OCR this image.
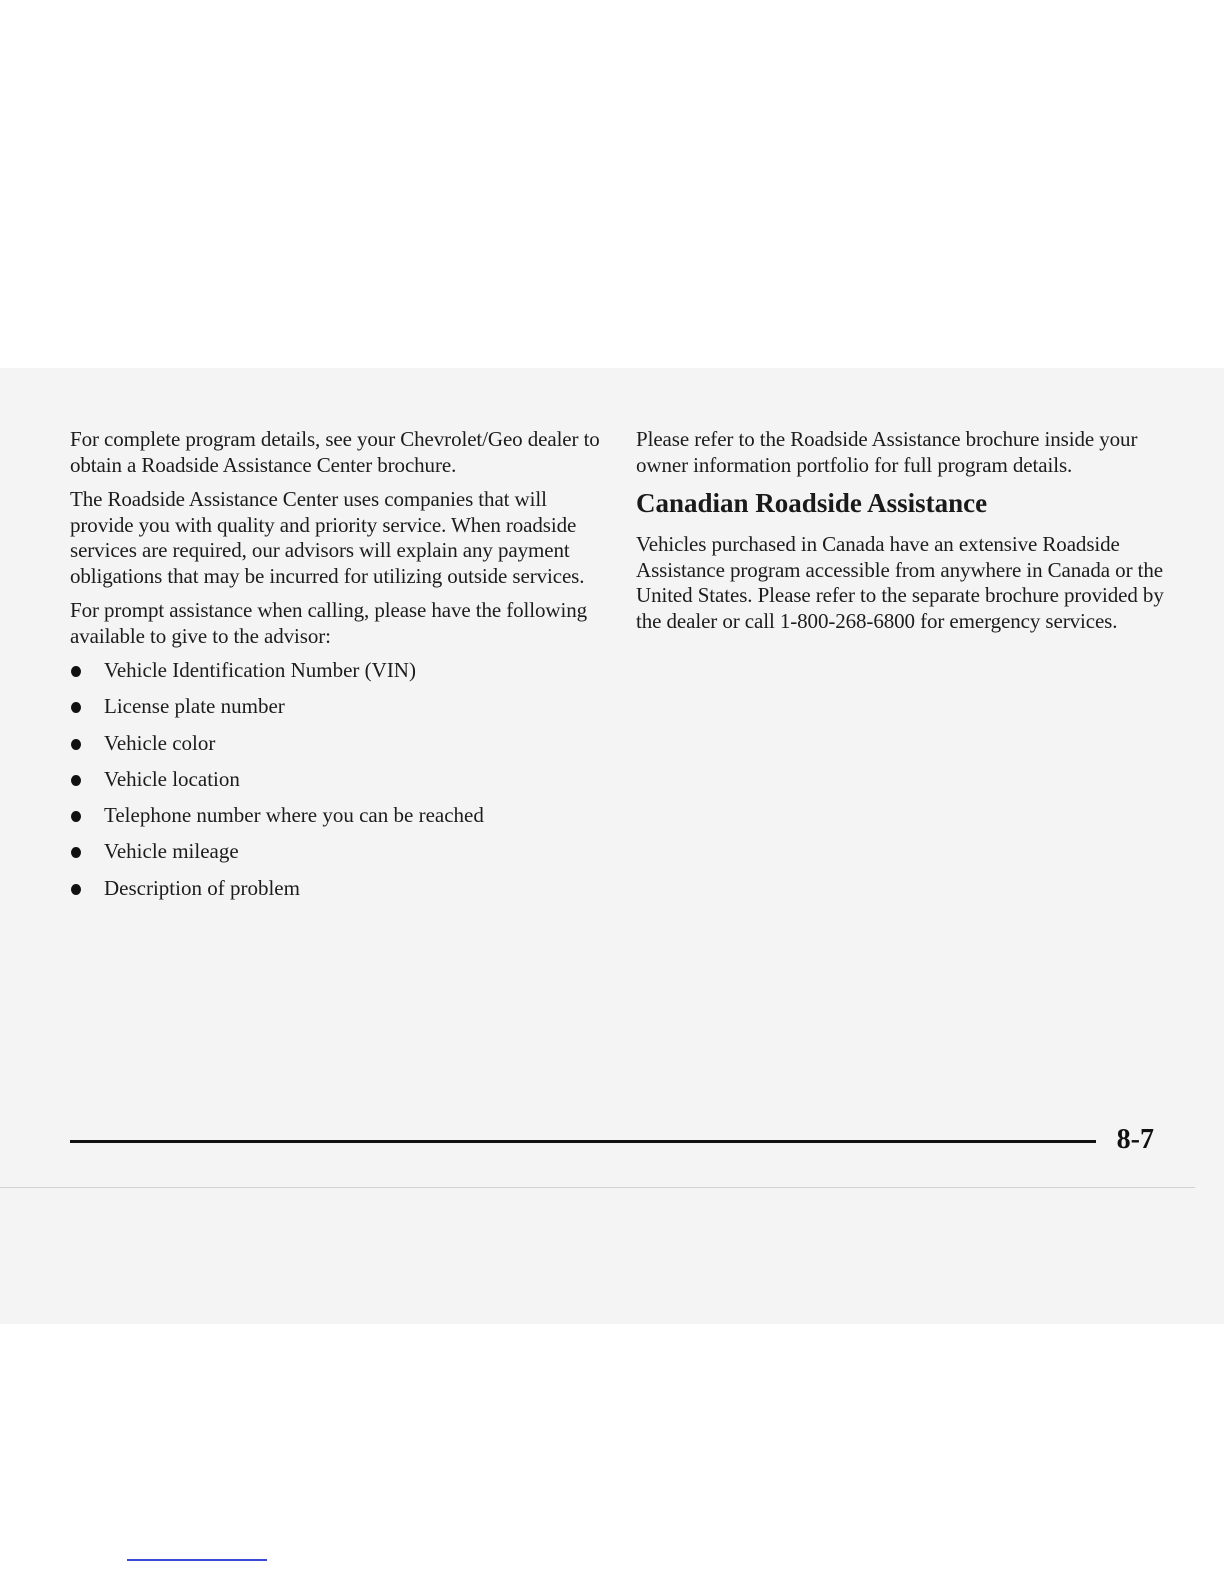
For complete program details, see your Chevrolet/Geo dealer to obtain a Roadside Assistance Center brochure.

The Roadside Assistance Center uses companies that will provide you with quality and priority service. When roadside services are required, our advisors will explain any payment obligations that may be incurred for utilizing outside services.

For prompt assistance when calling, please have the following available to give to the advisor:

Vehicle Identification Number (VIN)
License plate number
Vehicle color
Vehicle location
Telephone number where you can be reached
Vehicle mileage
Description of problem

Please refer to the Roadside Assistance brochure inside your owner information portfolio for full program details.

Canadian Roadside Assistance

Vehicles purchased in Canada have an extensive Roadside Assistance program accessible from anywhere in Canada or the United States. Please refer to the separate brochure provided by the dealer or call 1-800-268-6800 for emergency services.

8-7
